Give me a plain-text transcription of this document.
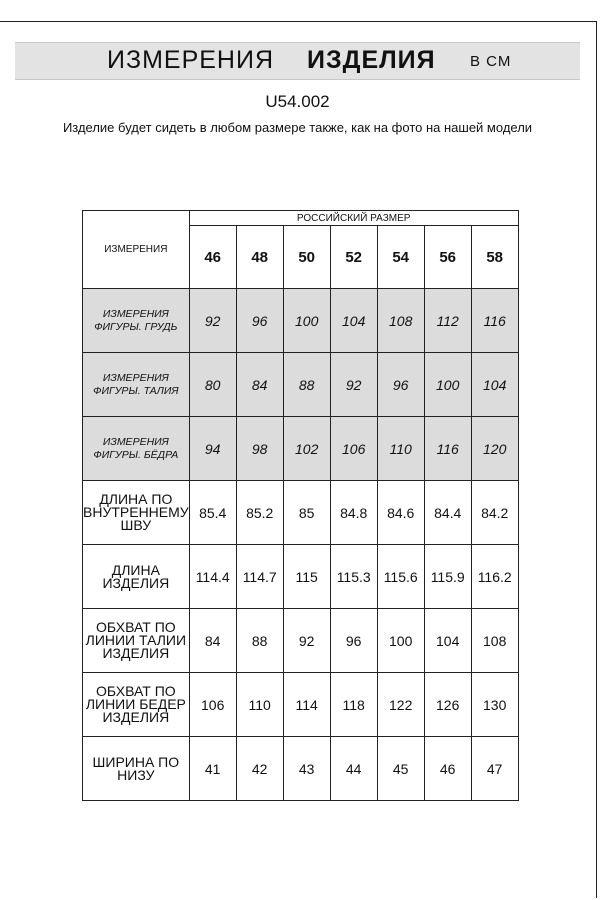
ИЗМЕРЕНИЯ ИЗДЕЛИЯ В СМ
U54.002
Изделие будет сидеть в любом размере также, как на фото на нашей модели
ИЗМЕРЕНИЯ	РОССИЙСКИЙ РАЗМЕР						
	46	48	50	52	54	56	58
ИЗМЕРЕНИЯ ФИГУРЫ. ГРУДЬ	92	96	100	104	108	112	116
ИЗМЕРЕНИЯ ФИГУРЫ. ТАЛИЯ	80	84	88	92	96	100	104
ИЗМЕРЕНИЯ ФИГУРЫ. БЁДРА	94	98	102	106	110	116	120
ДЛИНА ПО ВНУТРЕННЕМУ ШВУ	85.4	85.2	85	84.8	84.6	84.4	84.2
ДЛИНА ИЗДЕЛИЯ	114.4	114.7	115	115.3	115.6	115.9	116.2
ОБХВАТ ПО ЛИНИИ ТАЛИИ ИЗДЕЛИЯ	84	88	92	96	100	104	108
ОБХВАТ ПО ЛИНИИ БЕДЕР ИЗДЕЛИЯ	106	110	114	118	122	126	130
ШИРИНА ПО НИЗУ	41	42	43	44	45	46	47
